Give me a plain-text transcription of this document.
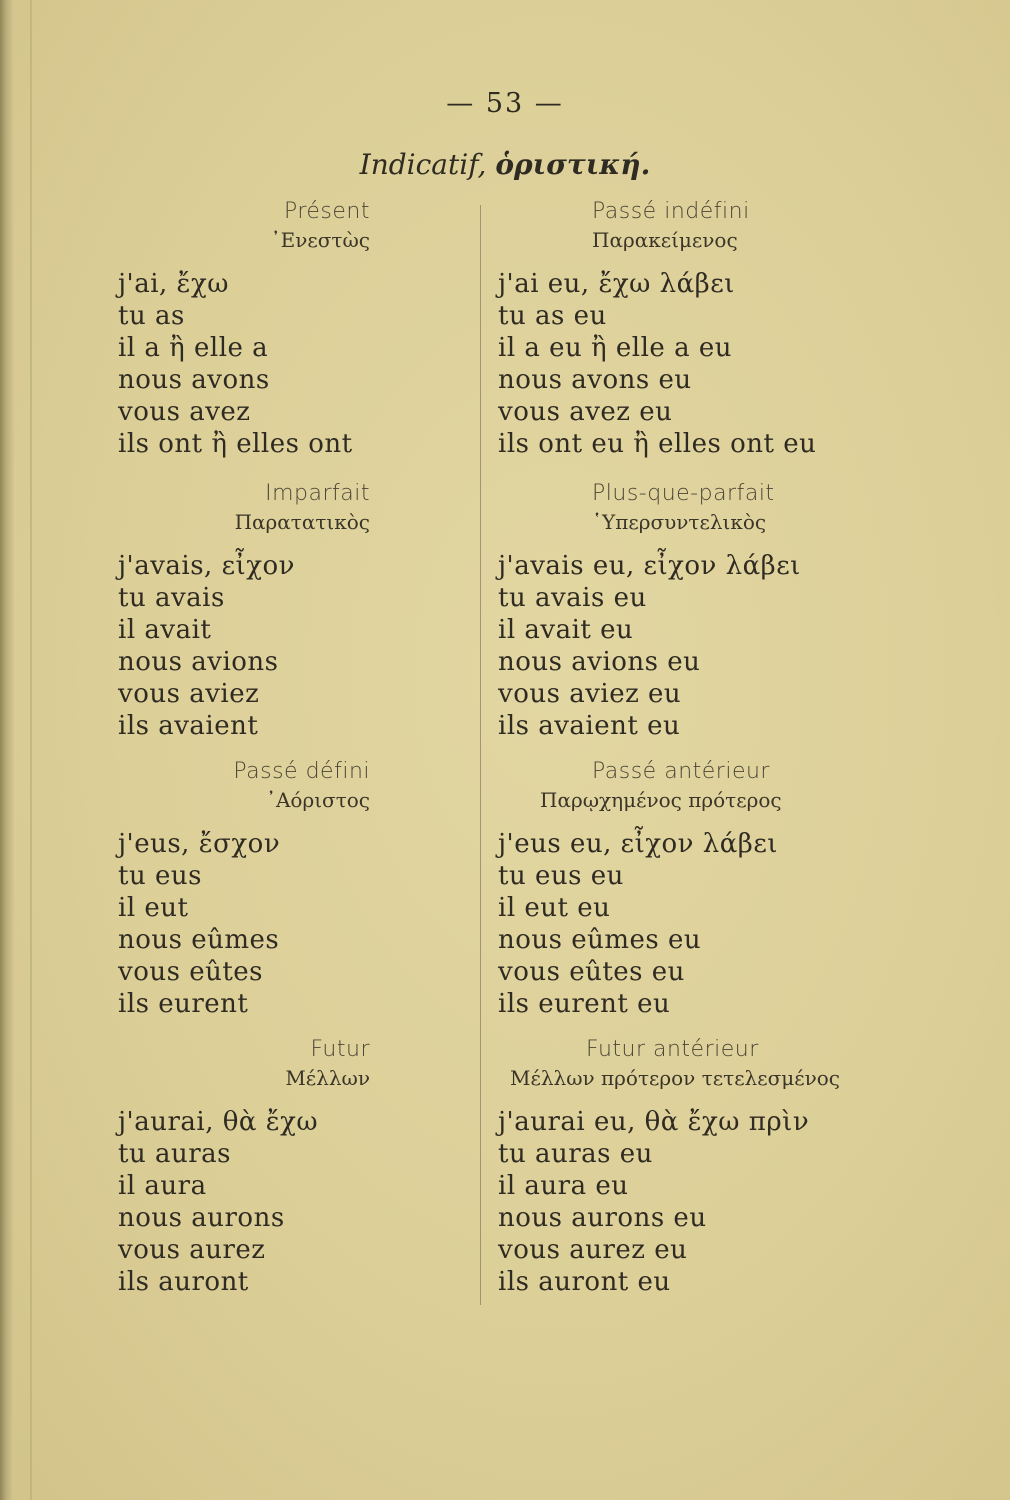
— 53 —
Indicatif, ὁριστική.
Présent
᾿Ενεστὼς
j'ai, ἔχω
tu as
il a ἢ elle a
nous avons
vous avez
ils ont ἢ elles ont
Imparfait
Παρατατικὸς
j'avais, εἶχον
tu avais
il avait
nous avions
vous aviez
ils avaient
Passé défini
᾿Αόριστος
j'eus, ἔσχον
tu eus
il eut
nous eûmes
vous eûtes
ils eurent
Futur
Μέλλων
j'aurai, θὰ ἔχω
tu auras
il aura
nous aurons
vous aurez
ils auront
Passé indéfini
Παρακείμενος
j'ai eu, ἔχω λάβει
tu as eu
il a eu ἢ elle a eu
nous avons eu
vous avez eu
ils ont eu ἢ elles ont eu
Plus-que-parfait
῾Υπερσυντελικὸς
j'avais eu, εἶχον λάβει
tu avais eu
il avait eu
nous avions eu
vous aviez eu
ils avaient eu
Passé antérieur
Παρῳχημένος πρότερος
j'eus eu, εἶχον λάβει
tu eus eu
il eut eu
nous eûmes eu
vous eûtes eu
ils eurent eu
Futur antérieur
Μέλλων πρότερον τετελεσμένος
j'aurai eu, θὰ ἔχω πρὶν
tu auras eu
il aura eu
nous aurons eu
vous aurez eu
ils auront eu
